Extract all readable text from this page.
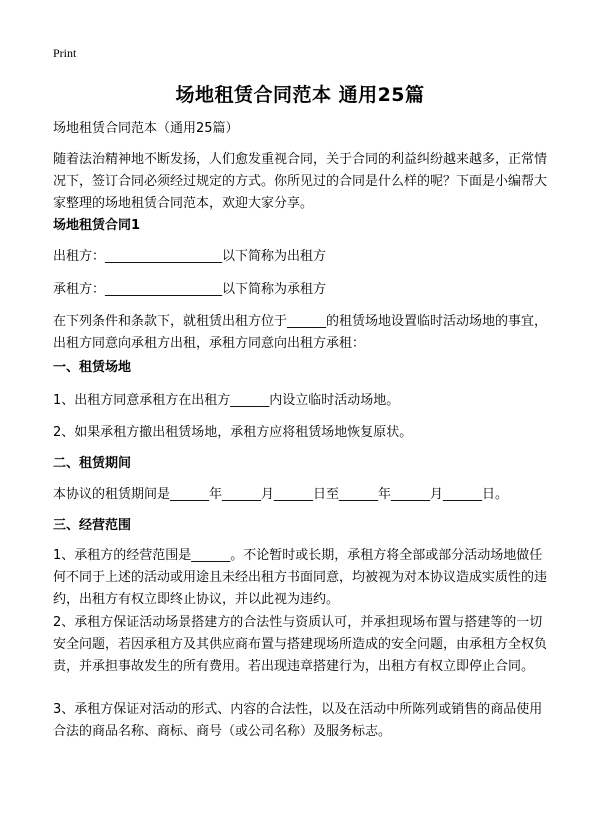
Print
场地租赁合同范本 通用25篇

场地租赁合同范本（通用25篇）

随着法治精神地不断发扬，人们愈发重视合同，关于合同的利益纠纷越来越多，正常情况下，签订合同必须经过规定的方式。你所见过的合同是什么样的呢？下面是小编帮大家整理的场地租赁合同范本，欢迎大家分享。

场地租赁合同1

出租方：__________________以下简称为出租方

承租方：__________________以下简称为承租方

在下列条件和条款下，就租赁出租方位于______的租赁场地设置临时活动场地的事宜，出租方同意向承租方出租，承租方同意向出租方承租：

一、租赁场地

1、出租方同意承租方在出租方______内设立临时活动场地。

2、如果承租方撤出租赁场地，承租方应将租赁场地恢复原状。

二、租赁期间

本协议的租赁期间是______年______月______日至______年______月______日。

三、经营范围

1、承租方的经营范围是______。不论暂时或长期，承租方将全部或部分活动场地做任何不同于上述的活动或用途且未经出租方书面同意，均被视为对本协议造成实质性的违约，出租方有权立即终止协议，并以此视为违约。

2、承租方保证活动场景搭建方的合法性与资质认可，并承担现场布置与搭建等的一切安全问题，若因承租方及其供应商布置与搭建现场所造成的安全问题，由承租方全权负责，并承担事故发生的所有费用。若出现违章搭建行为，出租方有权立即停止合同。

3、承租方保证对活动的形式、内容的合法性，以及在活动中所陈列或销售的商品使用合法的商品名称、商标、商号（或公司名称）及服务标志。
